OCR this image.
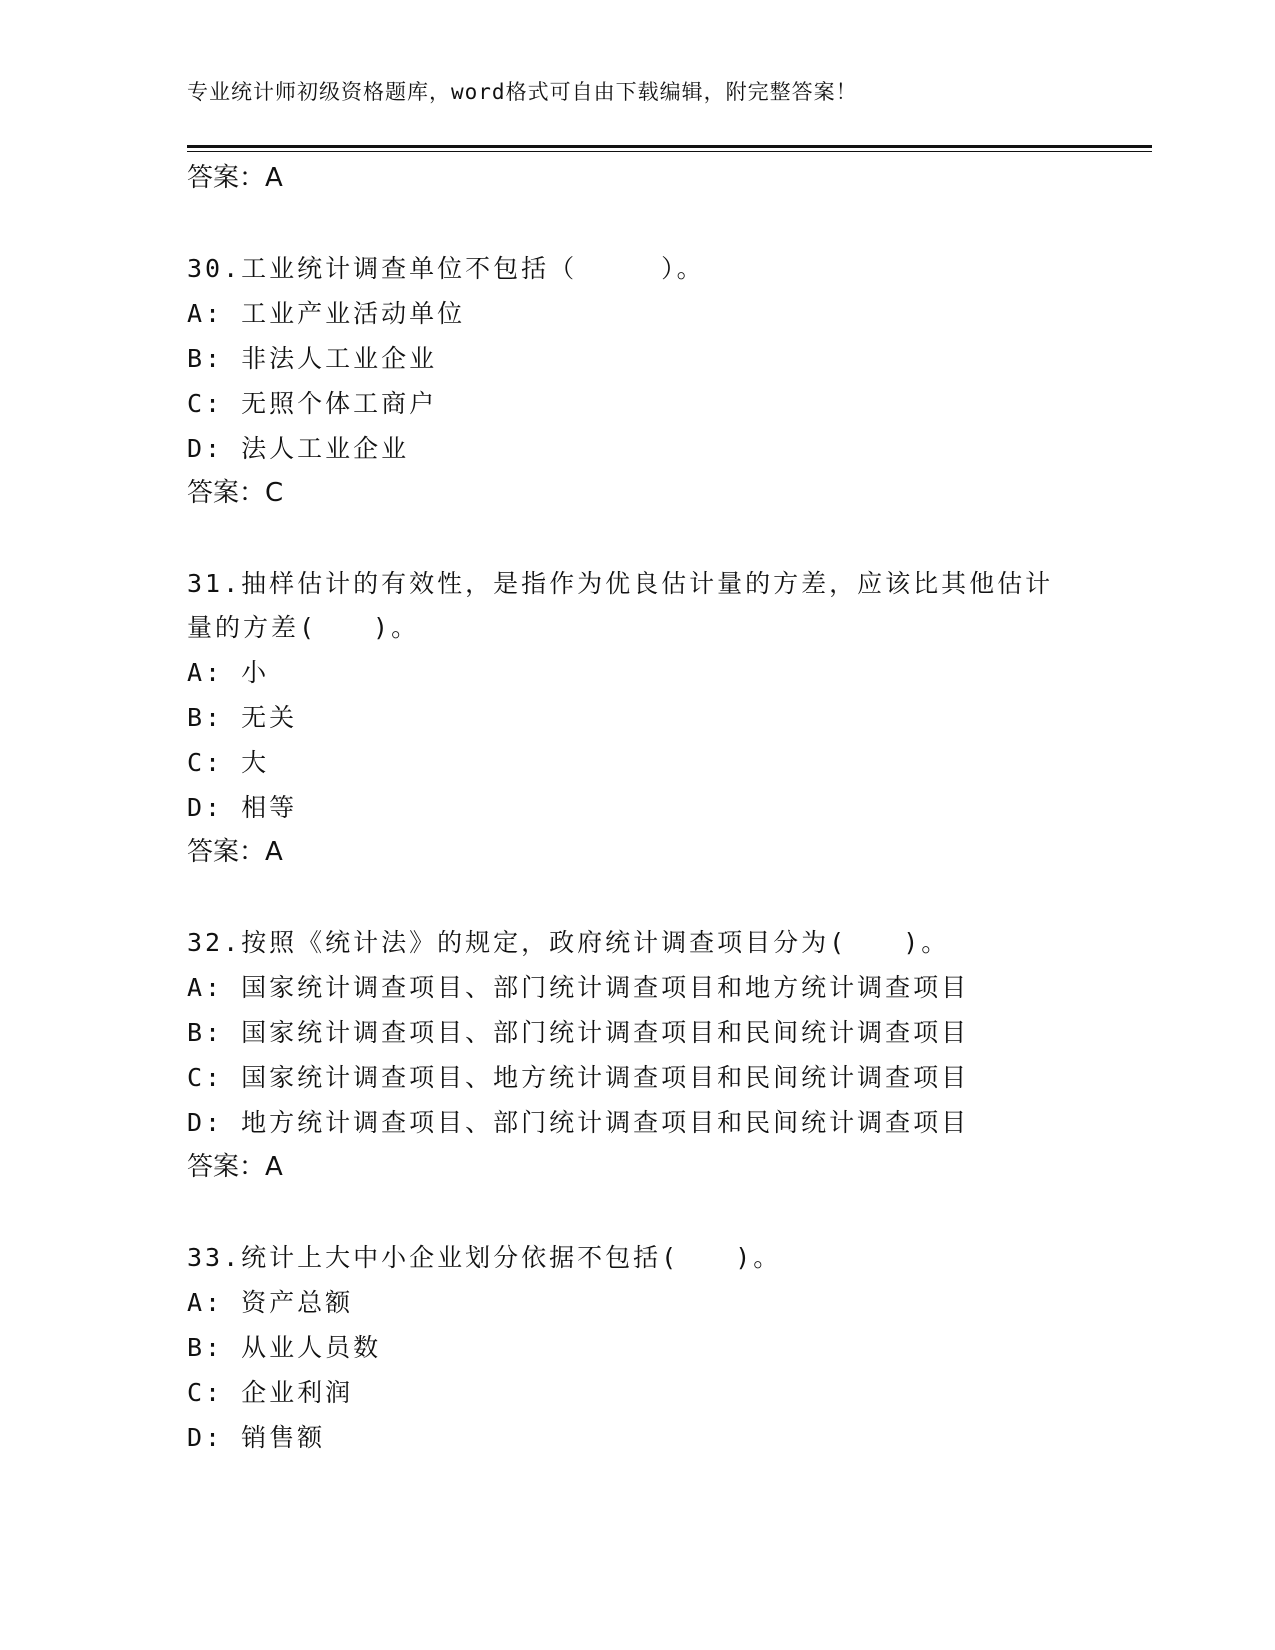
专业统计师初级资格题库，word格式可自由下载编辑，附完整答案！
答案：A
30.工业统计调查单位不包括（　　　）。
A: 工业产业活动单位
B: 非法人工业企业
C: 无照个体工商户
D: 法人工业企业
答案：C
31.抽样估计的有效性，是指作为优良估计量的方差，应该比其他估计
量的方差(　　)。
A: 小
B: 无关
C: 大
D: 相等
答案：A
32.按照《统计法》的规定，政府统计调查项目分为(　　)。
A: 国家统计调查项目、部门统计调查项目和地方统计调查项目
B: 国家统计调查项目、部门统计调查项目和民间统计调查项目
C: 国家统计调查项目、地方统计调查项目和民间统计调查项目
D: 地方统计调查项目、部门统计调查项目和民间统计调查项目
答案：A
33.统计上大中小企业划分依据不包括(　　)。
A: 资产总额
B: 从业人员数
C: 企业利润
D: 销售额
